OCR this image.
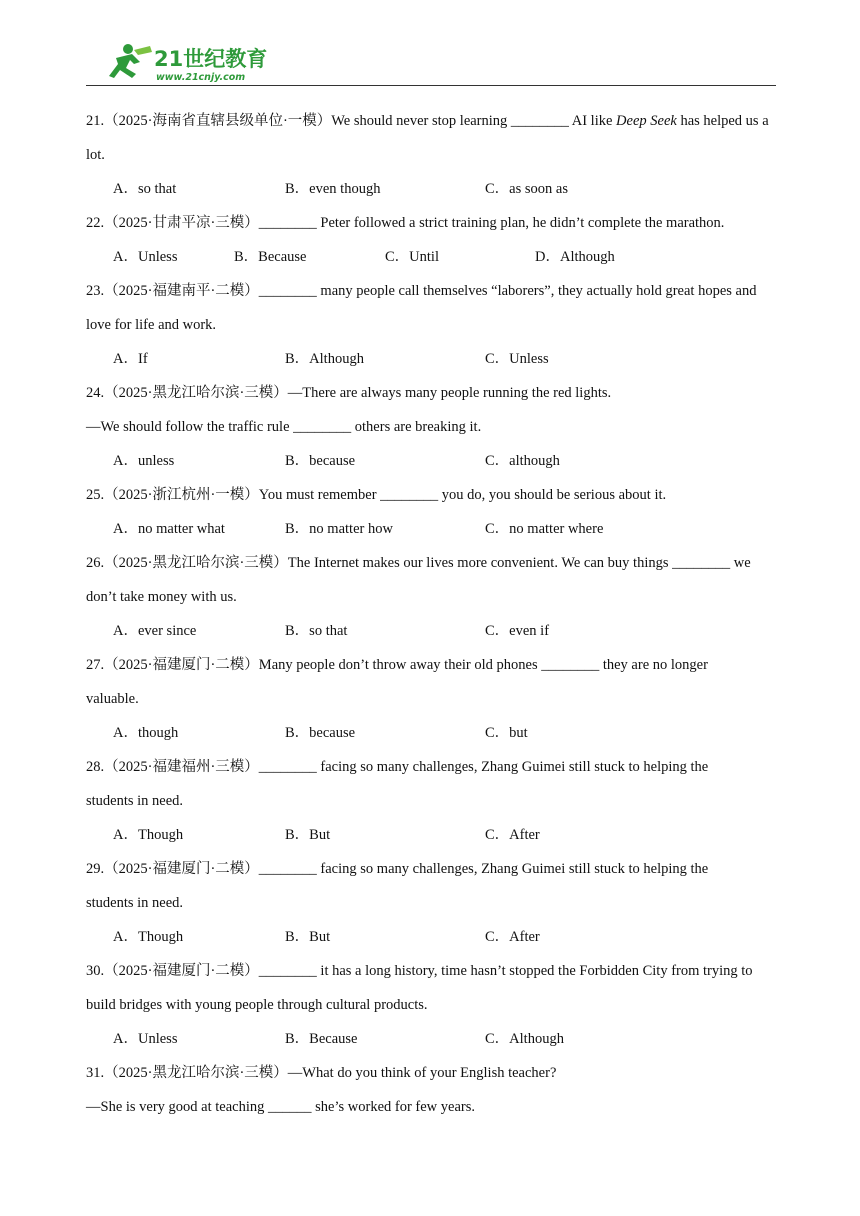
21世纪教育
www.21cnjy.com
21.（2025·海南省直辖县级单位·一模）We should never stop learning ________ AI like Deep Seek has helped us a lot.
A．so that	B．even though	C．as soon as
22.（2025·甘肃平凉·三模）________ Peter followed a strict training plan, he didn’t complete the marathon.
A．Unless	B．Because	C．Until	D．Although
23.（2025·福建南平·二模）________ many people call themselves “laborers”, they actually hold great hopes and love for life and work.
A．If	B．Although	C．Unless
24.（2025·黑龙江哈尔滨·三模）—There are always many people running the red lights.
—We should follow the traffic rule ________ others are breaking it.
A．unless	B．because	C．although
25.（2025·浙江杭州·一模）You must remember ________ you do, you should be serious about it.
A．no matter what	B．no matter how	C．no matter where
26.（2025·黑龙江哈尔滨·三模）The Internet makes our lives more convenient. We can buy things ________ we don’t take money with us.
A．ever since	B．so that	C．even if
27.（2025·福建厦门·二模）Many people don’t throw away their old phones ________ they are no longer valuable.
A．though	B．because	C．but
28.（2025·福建福州·三模）________ facing so many challenges, Zhang Guimei still stuck to helping the students in need.
A．Though	B．But	C．After
29.（2025·福建厦门·二模）________ facing so many challenges, Zhang Guimei still stuck to helping the students in need.
A．Though	B．But	C．After
30.（2025·福建厦门·二模）________ it has a long history, time hasn’t stopped the Forbidden City from trying to build bridges with young people through cultural products.
A．Unless	B．Because	C．Although
31.（2025·黑龙江哈尔滨·三模）—What do you think of your English teacher?
—She is very good at teaching ______ she’s worked for few years.
